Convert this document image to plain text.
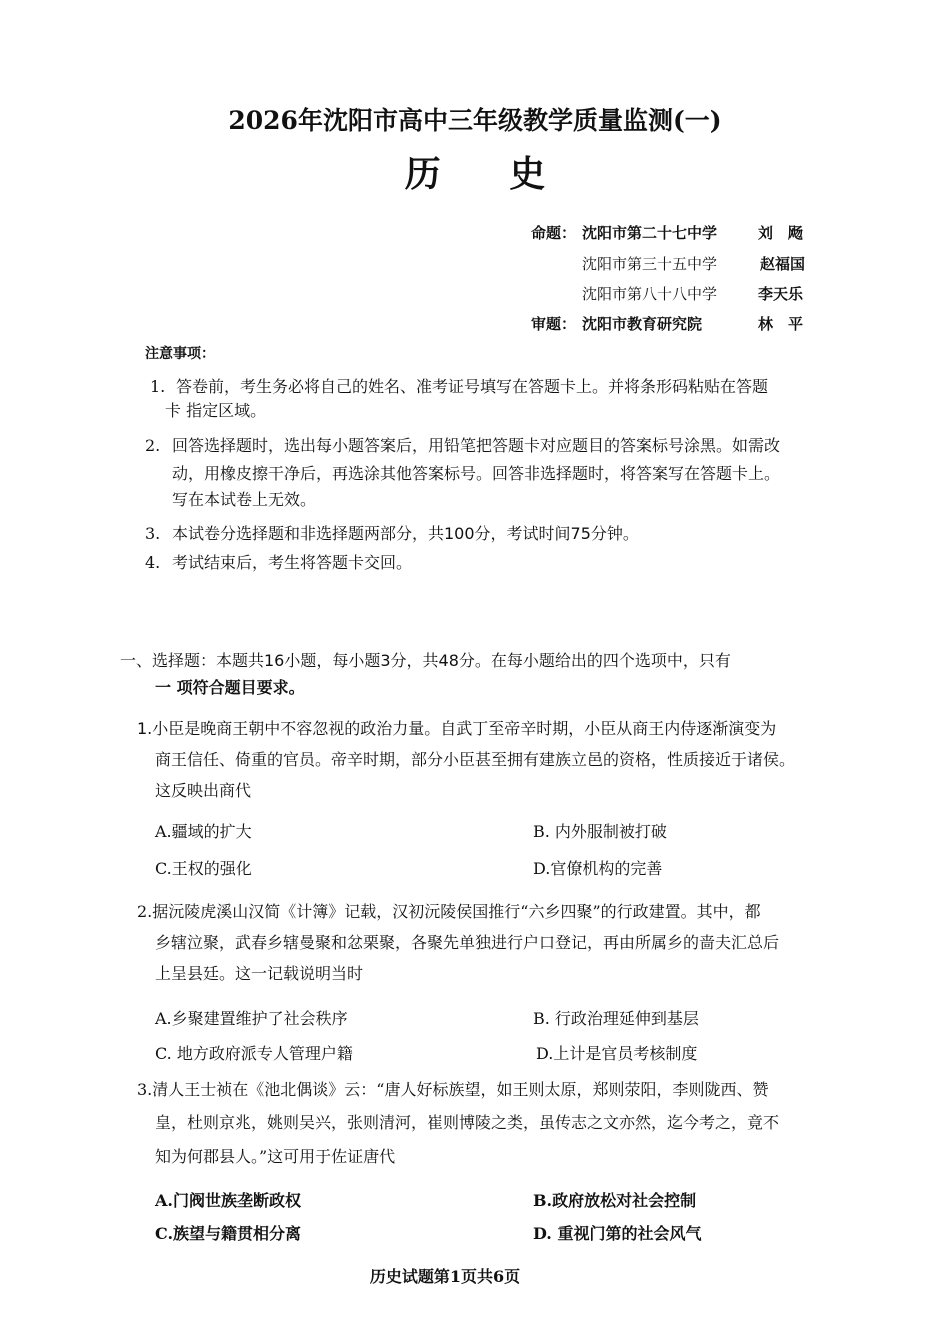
2026年沈阳市高中三年级教学质量监测(一)
历 史
命题： 沈阳市第二十七中学	刘　飏
沈阳市第三十五中学	赵福国
沈阳市第八十八中学	李天乐
审题： 沈阳市教育研究院	林　平
注意事项：
1. 答卷前，考生务必将自己的姓名、准考证号填写在答题卡上。并将条形码粘贴在答题
卡 指定区域。
2. 回答选择题时，选出每小题答案后，用铅笔把答题卡对应题目的答案标号涂黑。如需改
动，用橡皮擦干净后，再选涂其他答案标号。回答非选择题时，将答案写在答题卡上。
写在本试卷上无效。
3. 本试卷分选择题和非选择题两部分，共100分，考试时间75分钟。
4. 考试结束后，考生将答题卡交回。
一、选择题：本题共16小题，每小题3分，共48分。在每小题给出的四个选项中，只有
一 项符合题目要求。
1.小臣是晚商王朝中不容忽视的政治力量。自武丁至帝辛时期，小臣从商王内侍逐渐演变为
商王信任、倚重的官员。帝辛时期，部分小臣甚至拥有建族立邑的资格，性质接近于诸侯。
这反映出商代
A.疆域的扩大	B. 内外服制被打破
C.王权的强化	D.官僚机构的完善
2.据沅陵虎溪山汉简《计簿》记载，汉初沅陵侯国推行“六乡四聚”的行政建置。其中，都
乡辖泣聚，武春乡辖曼聚和忿栗聚，各聚先单独进行户口登记，再由所属乡的啬夫汇总后
上呈县廷。这一记载说明当时
A.乡聚建置维护了社会秩序	B. 行政治理延伸到基层
C. 地方政府派专人管理户籍	D.上计是官员考核制度
3.清人王士祯在《池北偶谈》云：“唐人好标族望，如王则太原，郑则荥阳，李则陇西、赞
皇，杜则京兆，姚则吴兴，张则清河，崔则博陵之类，虽传志之文亦然，迄今考之，竟不
知为何郡县人。”这可用于佐证唐代
A.门阀世族垄断政权	B.政府放松对社会控制
C.族望与籍贯相分离	D. 重视门第的社会风气
历史试题第1页共6页
